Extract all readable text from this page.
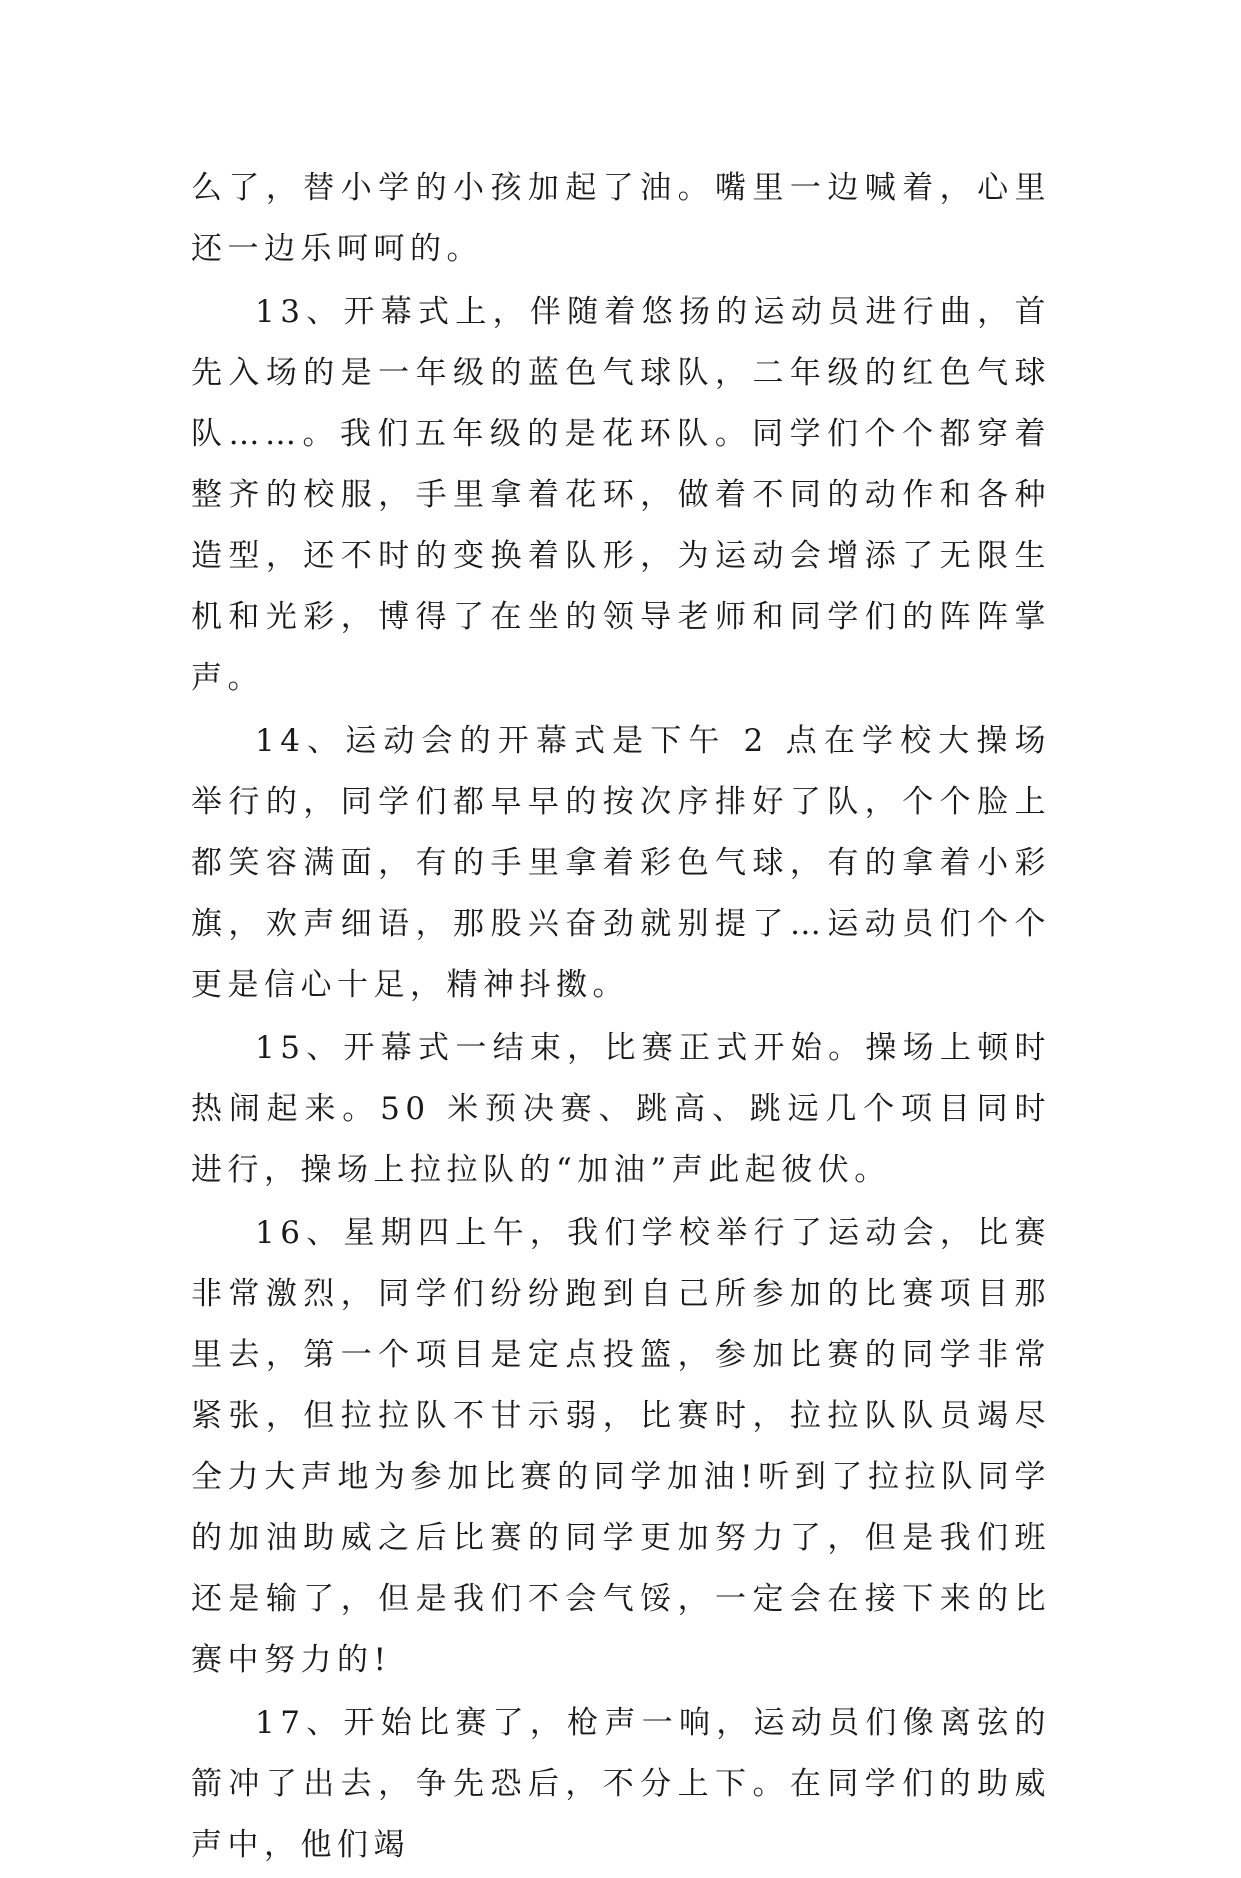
么了，替小学的小孩加起了油。嘴里一边喊着，心里还一边乐呵呵的。

13、开幕式上，伴随着悠扬的运动员进行曲，首先入场的是一年级的蓝色气球队，二年级的红色气球队……。我们五年级的是花环队。同学们个个都穿着整齐的校服，手里拿着花环，做着不同的动作和各种造型，还不时的变换着队形，为运动会增添了无限生机和光彩，博得了在坐的领导老师和同学们的阵阵掌声。

14、运动会的开幕式是下午 2 点在学校大操场举行的，同学们都早早的按次序排好了队，个个脸上都笑容满面，有的手里拿着彩色气球，有的拿着小彩旗，欢声细语，那股兴奋劲就别提了…运动员们个个更是信心十足，精神抖擞。

15、开幕式一结束，比赛正式开始。操场上顿时热闹起来。50 米预决赛、跳高、跳远几个项目同时进行，操场上拉拉队的“加油”声此起彼伏。

16、星期四上午，我们学校举行了运动会，比赛非常激烈，同学们纷纷跑到自己所参加的比赛项目那里去，第一个项目是定点投篮，参加比赛的同学非常紧张，但拉拉队不甘示弱，比赛时，拉拉队队员竭尽全力大声地为参加比赛的同学加油!听到了拉拉队同学的加油助威之后比赛的同学更加努力了，但是我们班还是输了，但是我们不会气馁，一定会在接下来的比赛中努力的!

17、开始比赛了，枪声一响，运动员们像离弦的箭冲了出去，争先恐后，不分上下。在同学们的助威声中，他们竭
